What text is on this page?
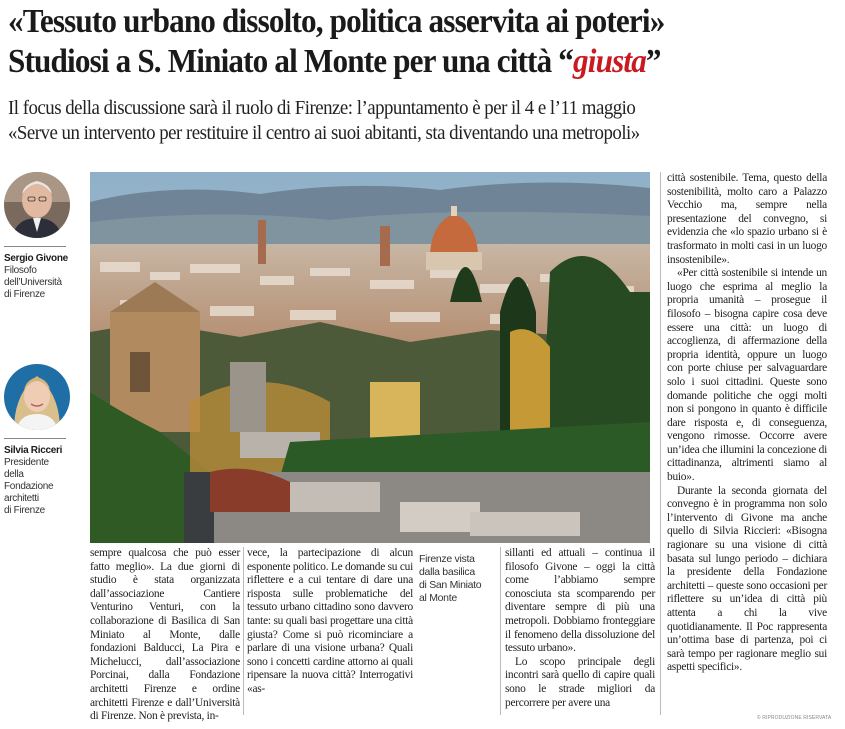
«Tessuto urbano dissolto, politica asservita ai poteri»
Studiosi a S. Miniato al Monte per una città “giusta”
Il focus della discussione sarà il ruolo di Firenze: l’appuntamento è per il 4 e l’11 maggio
«Serve un intervento per restituire il centro ai suoi abitanti, sta diventando una metropoli»
Sergio Givone
Filosofo
dell’Università
di Firenze
Silvia Ricceri
Presidente
della
Fondazione
architetti
di Firenze

sempre qualcosa che può esser fatto meglio». La due giorni di studio è stata organizzata dall’associazione Cantiere Venturino Venturi, con la collaborazione di Basilica di San Miniato al Monte, dalle fondazioni Balducci, La Pira e Michelucci, dall’associazione Porcinai, dalla Fondazione architetti Firenze e ordine architetti Firenze e dall’Università di Firenze. Non è prevista, in-

vece, la partecipazione di alcun esponente politico. Le domande su cui riflettere e a cui tentare di dare una risposta sulle problematiche del tessuto urbano cittadino sono davvero tante: su quali basi progettare una città giusta? Come si può ricominciare a parlare di una visione urbana? Quali sono i concetti cardine attorno ai quali ripensare la nuova città? Interrogativi «as-

Firenze vista
dalla basilica
di San Miniato
al Monte

sillanti ed attuali – continua il filosofo Givone – oggi la città come l’abbiamo sempre conosciuta sta scomparendo per diventare sempre di più una metropoli. Dobbiamo fronteggiare il fenomeno della dissoluzione del tessuto urbano».

Lo scopo principale degli incontri sarà quello di capire quali sono le strade migliori da percorrere per avere una

città sostenibile. Tema, questo della sostenibilità, molto caro a Palazzo Vecchio ma, sempre nella presentazione del convegno, si evidenzia che «lo spazio urbano si è trasformato in molti casi in un luogo insostenibile».

«Per città sostenibile si intende un luogo che esprima al meglio la propria umanità – prosegue il filosofo – bisogna capire cosa deve essere una città: un luogo di accoglienza, di affermazione della propria identità, oppure un luogo con porte chiuse per salvaguardare solo i suoi cittadini. Queste sono domande politiche che oggi molti non si pongono in quanto è difficile dare risposta e, di conseguenza, vengono rimosse. Occorre avere un’idea che illumini la concezione di cittadinanza, altrimenti siamo al buio».

Durante la seconda giornata del convegno è in programma non solo l’intervento di Givone ma anche quello di Silvia Riccieri: «Bisogna ragionare su una visione di città basata sul lungo periodo – dichiara la presidente della Fondazione architetti – queste sono occasioni per riflettere su un’idea di città più attenta a chi la vive quotidianamente. Il Poc rappresenta un’ottima base di partenza, poi ci sarà tempo per ragionare meglio sui aspetti specifici».

© RIPRODUZIONE RISERVATA
